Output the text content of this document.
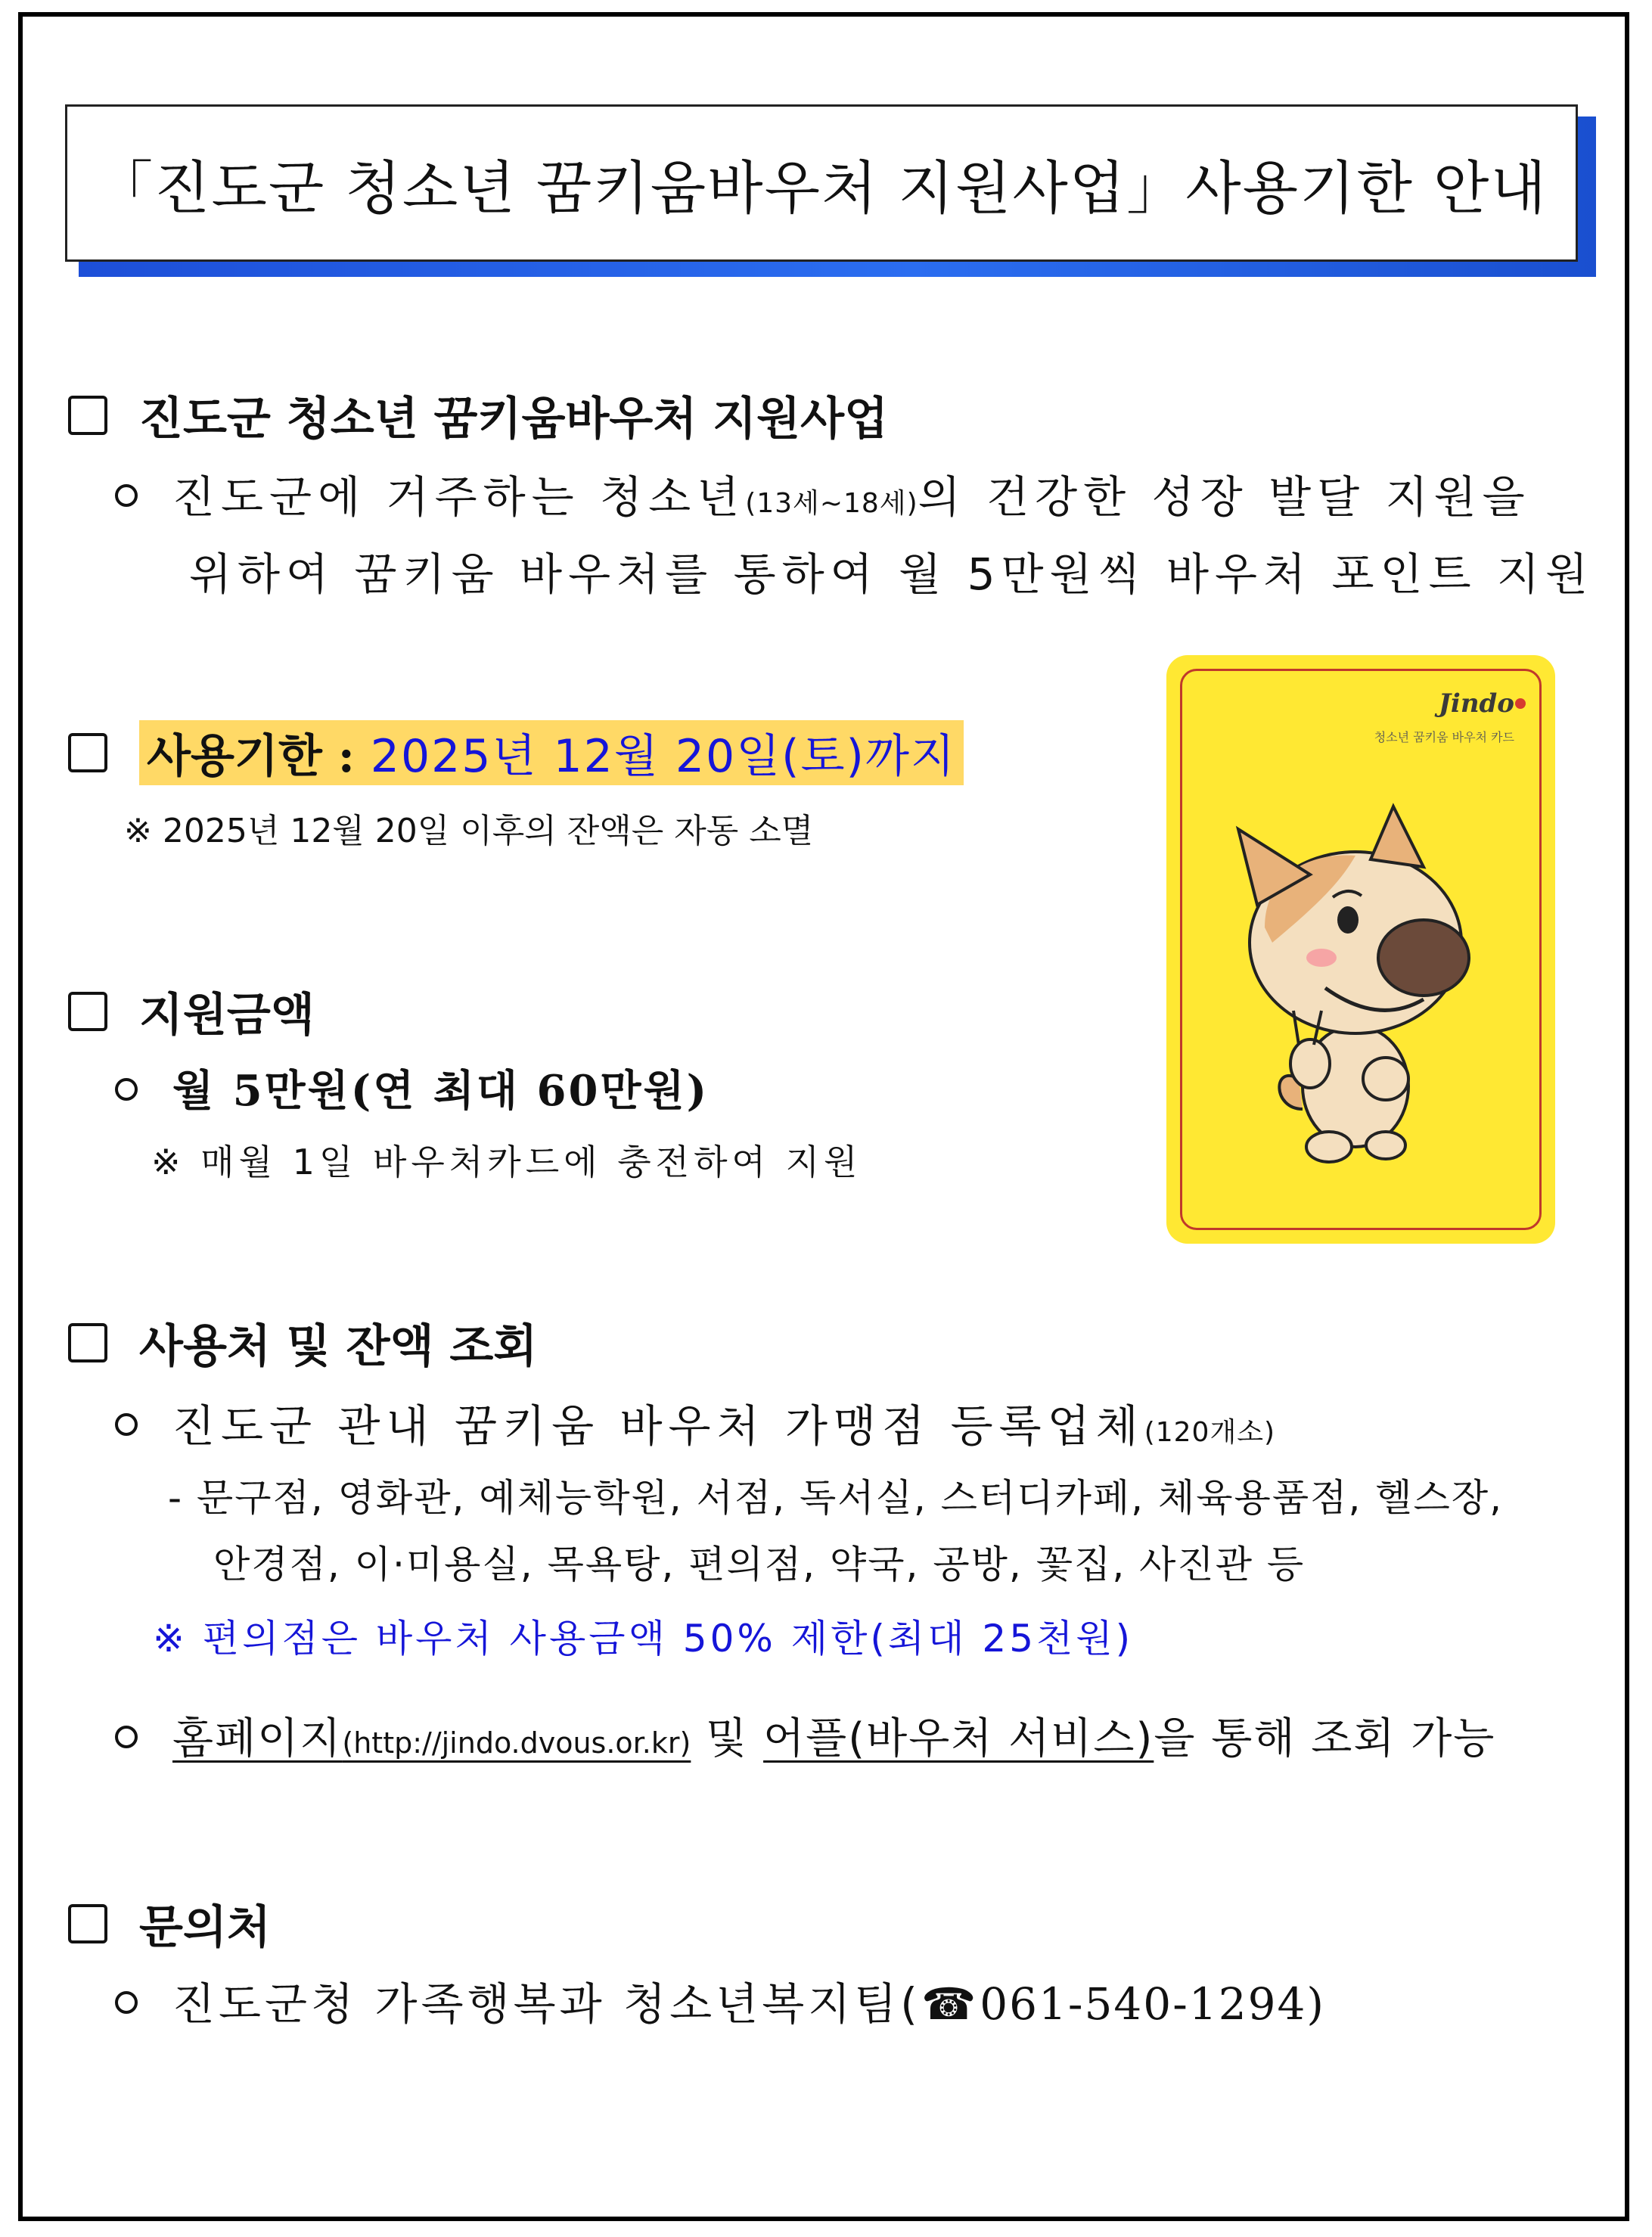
「진도군 청소년 꿈키움바우처 지원사업」사용기한 안내
진도군 청소년 꿈키움바우처 지원사업
진도군에 거주하는 청소년(13세~18세)의 건강한 성장 발달 지원을
위하여 꿈키움 바우처를 통하여 월 5만원씩 바우처 포인트 지원
사용기한 : 2025년 12월 20일(토)까지
※ 2025년 12월 20일 이후의 잔액은 자동 소멸
지원금액
월 5만원(연 최대 60만원)
※ 매월 1일 바우처카드에 충전하여 지원
Jindo
청소년 꿈키움 바우처 카드
사용처 및 잔액 조회
진도군 관내 꿈키움 바우처 가맹점 등록업체(120개소)
- 문구점, 영화관, 예체능학원, 서점, 독서실, 스터디카페, 체육용품점, 헬스장,
안경점, 이·미용실, 목욕탕, 편의점, 약국, 공방, 꽃집, 사진관 등
※ 편의점은 바우처 사용금액 50% 제한(최대 25천원)
홈페이지(http://jindo.dvous.or.kr) 및 어플(바우처 서비스)을 통해 조회 가능
문의처
진도군청 가족행복과 청소년복지팀(☎061-540-1294)
